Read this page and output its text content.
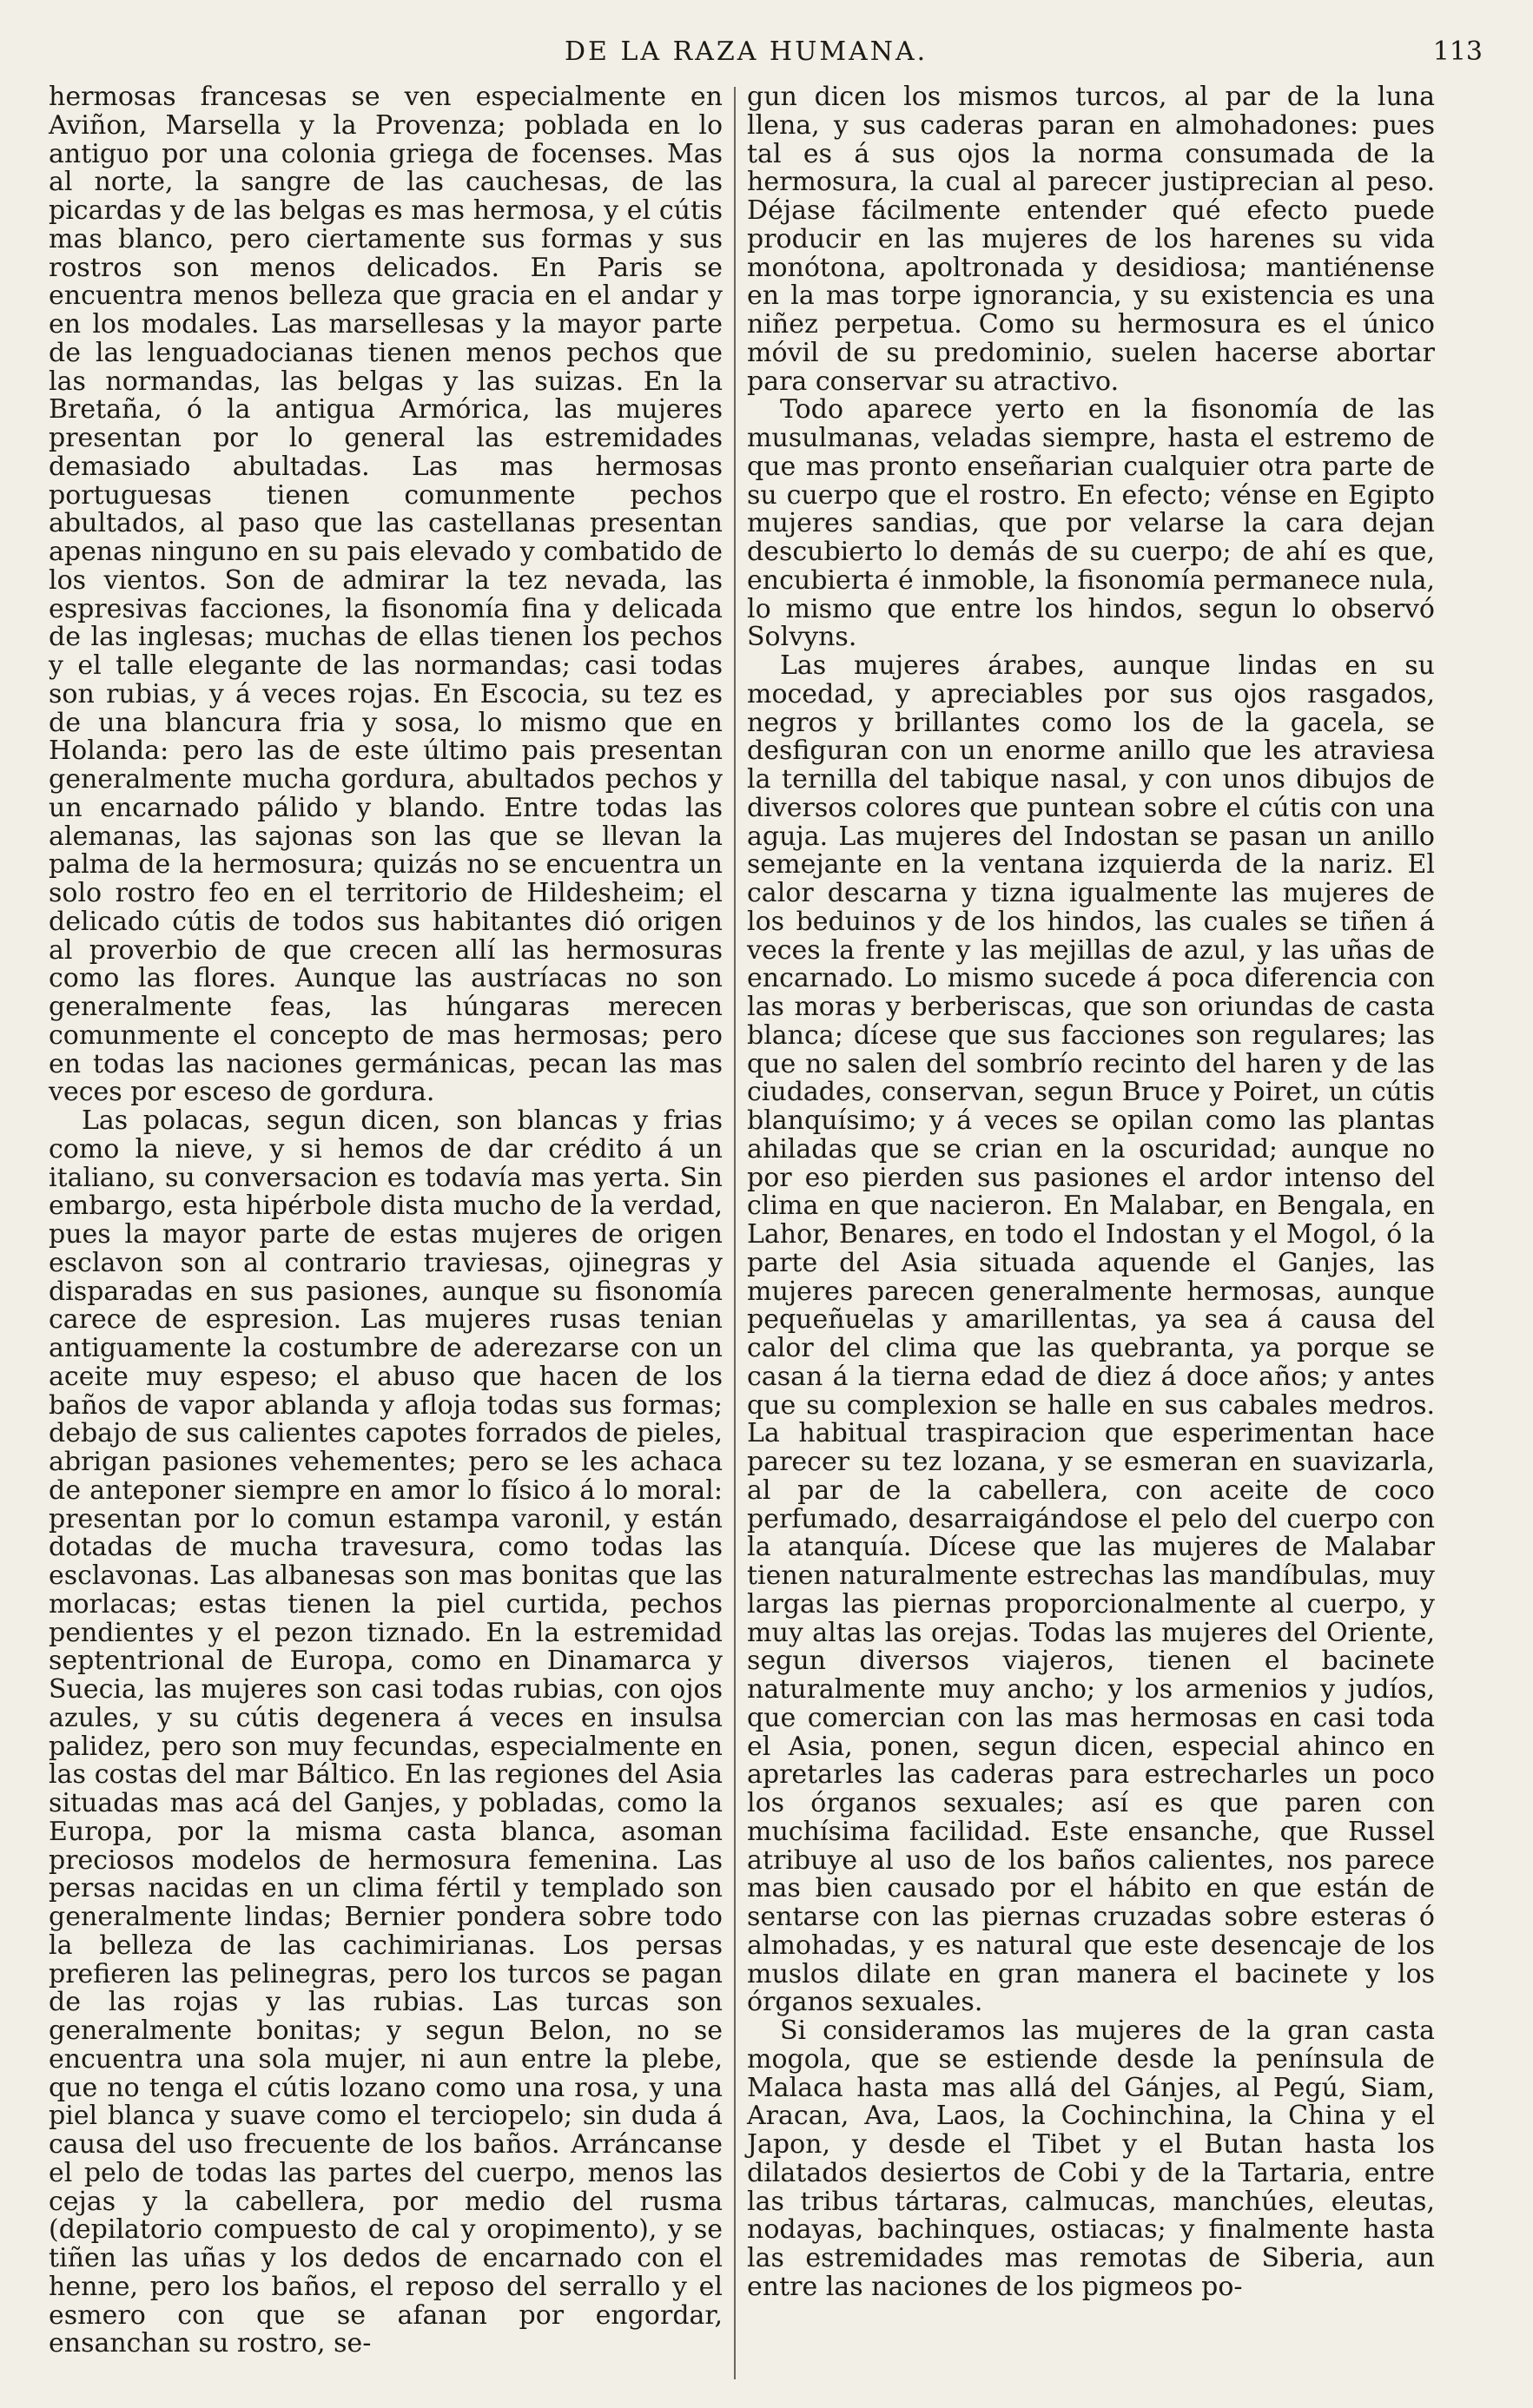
DE LA RAZA HUMANA.	113

hermosas francesas se ven especialmente en Aviñon, Marsella y la Provenza; poblada en lo antiguo por una colonia griega de focenses. Mas al norte, la sangre de las cauchesas, de las picardas y de las belgas es mas hermosa, y el cútis mas blanco, pero ciertamente sus formas y sus rostros son menos delicados. En Paris se encuentra menos belleza que gracia en el andar y en los modales. Las marsellesas y la mayor parte de las lenguadocianas tienen menos pechos que las normandas, las belgas y las suizas. En la Bretaña, ó la antigua Armórica, las mujeres presentan por lo general las estremidades demasiado abultadas. Las mas hermosas portuguesas tienen comunmente pechos abultados, al paso que las castellanas presentan apenas ninguno en su pais elevado y combatido de los vientos. Son de admirar la tez nevada, las espresivas facciones, la fisonomía fina y delicada de las inglesas; muchas de ellas tienen los pechos y el talle elegante de las normandas; casi todas son rubias, y á veces rojas. En Escocia, su tez es de una blancura fria y sosa, lo mismo que en Holanda: pero las de este último pais presentan generalmente mucha gordura, abultados pechos y un encarnado pálido y blando. Entre todas las alemanas, las sajonas son las que se llevan la palma de la hermosura; quizás no se encuentra un solo rostro feo en el territorio de Hildesheim; el delicado cútis de todos sus habitantes dió origen al proverbio de que crecen allí las hermosuras como las flores. Aunque las austríacas no son generalmente feas, las húngaras merecen comunmente el concepto de mas hermosas; pero en todas las naciones germánicas, pecan las mas veces por esceso de gordura.

Las polacas, segun dicen, son blancas y frias como la nieve, y si hemos de dar crédito á un italiano, su conversacion es todavía mas yerta. Sin embargo, esta hipérbole dista mucho de la verdad, pues la mayor parte de estas mujeres de origen esclavon son al contrario traviesas, ojinegras y disparadas en sus pasiones, aunque su fisonomía carece de espresion. Las mujeres rusas tenian antiguamente la costumbre de aderezarse con un aceite muy espeso; el abuso que hacen de los baños de vapor ablanda y afloja todas sus formas; debajo de sus calientes capotes forrados de pieles, abrigan pasiones vehementes; pero se les achaca de anteponer siempre en amor lo físico á lo moral: presentan por lo comun estampa varonil, y están dotadas de mucha travesura, como todas las esclavonas. Las albanesas son mas bonitas que las morlacas; estas tienen la piel curtida, pechos pendientes y el pezon tiznado. En la estremidad septentrional de Europa, como en Dinamarca y Suecia, las mujeres son casi todas rubias, con ojos azules, y su cútis degenera á veces en insulsa palidez, pero son muy fecundas, especialmente en las costas del mar Báltico. En las regiones del Asia situadas mas acá del Ganjes, y pobladas, como la Europa, por la misma casta blanca, asoman preciosos modelos de hermosura femenina. Las persas nacidas en un clima fértil y templado son generalmente lindas; Bernier pondera sobre todo la belleza de las cachimirianas. Los persas prefieren las pelinegras, pero los turcos se pagan de las rojas y las rubias. Las turcas son generalmente bonitas; y segun Belon, no se encuentra una sola mujer, ni aun entre la plebe, que no tenga el cútis lozano como una rosa, y una piel blanca y suave como el terciopelo; sin duda á causa del uso frecuente de los baños. Arráncanse el pelo de todas las partes del cuerpo, menos las cejas y la cabellera, por medio del rusma (depilatorio compuesto de cal y oropimento), y se tiñen las uñas y los dedos de encarnado con el henne, pero los baños, el reposo del serrallo y el esmero con que se afanan por engordar, ensanchan su rostro, se-

gun dicen los mismos turcos, al par de la luna llena, y sus caderas paran en almohadones: pues tal es á sus ojos la norma consumada de la hermosura, la cual al parecer justiprecian al peso. Déjase fácilmente entender qué efecto puede producir en las mujeres de los harenes su vida monótona, apoltronada y desidiosa; mantiénense en la mas torpe ignorancia, y su existencia es una niñez perpetua. Como su hermosura es el único móvil de su predominio, suelen hacerse abortar para conservar su atractivo.

Todo aparece yerto en la fisonomía de las musulmanas, veladas siempre, hasta el estremo de que mas pronto enseñarian cualquier otra parte de su cuerpo que el rostro. En efecto; vénse en Egipto mujeres sandias, que por velarse la cara dejan descubierto lo demás de su cuerpo; de ahí es que, encubierta é inmoble, la fisonomía permanece nula, lo mismo que entre los hindos, segun lo observó Solvyns.

Las mujeres árabes, aunque lindas en su mocedad, y apreciables por sus ojos rasgados, negros y brillantes como los de la gacela, se desfiguran con un enorme anillo que les atraviesa la ternilla del tabique nasal, y con unos dibujos de diversos colores que puntean sobre el cútis con una aguja. Las mujeres del Indostan se pasan un anillo semejante en la ventana izquierda de la nariz. El calor descarna y tizna igualmente las mujeres de los beduinos y de los hindos, las cuales se tiñen á veces la frente y las mejillas de azul, y las uñas de encarnado. Lo mismo sucede á poca diferencia con las moras y berberiscas, que son oriundas de casta blanca; dícese que sus facciones son regulares; las que no salen del sombrío recinto del haren y de las ciudades, conservan, segun Bruce y Poiret, un cútis blanquísimo; y á veces se opilan como las plantas ahiladas que se crian en la oscuridad; aunque no por eso pierden sus pasiones el ardor intenso del clima en que nacieron. En Malabar, en Bengala, en Lahor, Benares, en todo el Indostan y el Mogol, ó la parte del Asia situada aquende el Ganjes, las mujeres parecen generalmente hermosas, aunque pequeñuelas y amarillentas, ya sea á causa del calor del clima que las quebranta, ya porque se casan á la tierna edad de diez á doce años; y antes que su complexion se halle en sus cabales medros. La habitual traspiracion que esperimentan hace parecer su tez lozana, y se esmeran en suavizarla, al par de la cabellera, con aceite de coco perfumado, desarraigándose el pelo del cuerpo con la atanquía. Dícese que las mujeres de Malabar tienen naturalmente estrechas las mandíbulas, muy largas las piernas proporcionalmente al cuerpo, y muy altas las orejas. Todas las mujeres del Oriente, segun diversos viajeros, tienen el bacinete naturalmente muy ancho; y los armenios y judíos, que comercian con las mas hermosas en casi toda el Asia, ponen, segun dicen, especial ahinco en apretarles las caderas para estrecharles un poco los órganos sexuales; así es que paren con muchísima facilidad. Este ensanche, que Russel atribuye al uso de los baños calientes, nos parece mas bien causado por el hábito en que están de sentarse con las piernas cruzadas sobre esteras ó almohadas, y es natural que este desencaje de los muslos dilate en gran manera el bacinete y los órganos sexuales.

Si consideramos las mujeres de la gran casta mogola, que se estiende desde la península de Malaca hasta mas allá del Gánjes, al Pegú, Siam, Aracan, Ava, Laos, la Cochinchina, la China y el Japon, y desde el Tibet y el Butan hasta los dilatados desiertos de Cobi y de la Tartaria, entre las tribus tártaras, calmucas, manchúes, eleutas, nodayas, bachinques, ostiacas; y finalmente hasta las estremidades mas remotas de Siberia, aun entre las naciones de los pigmeos po-
